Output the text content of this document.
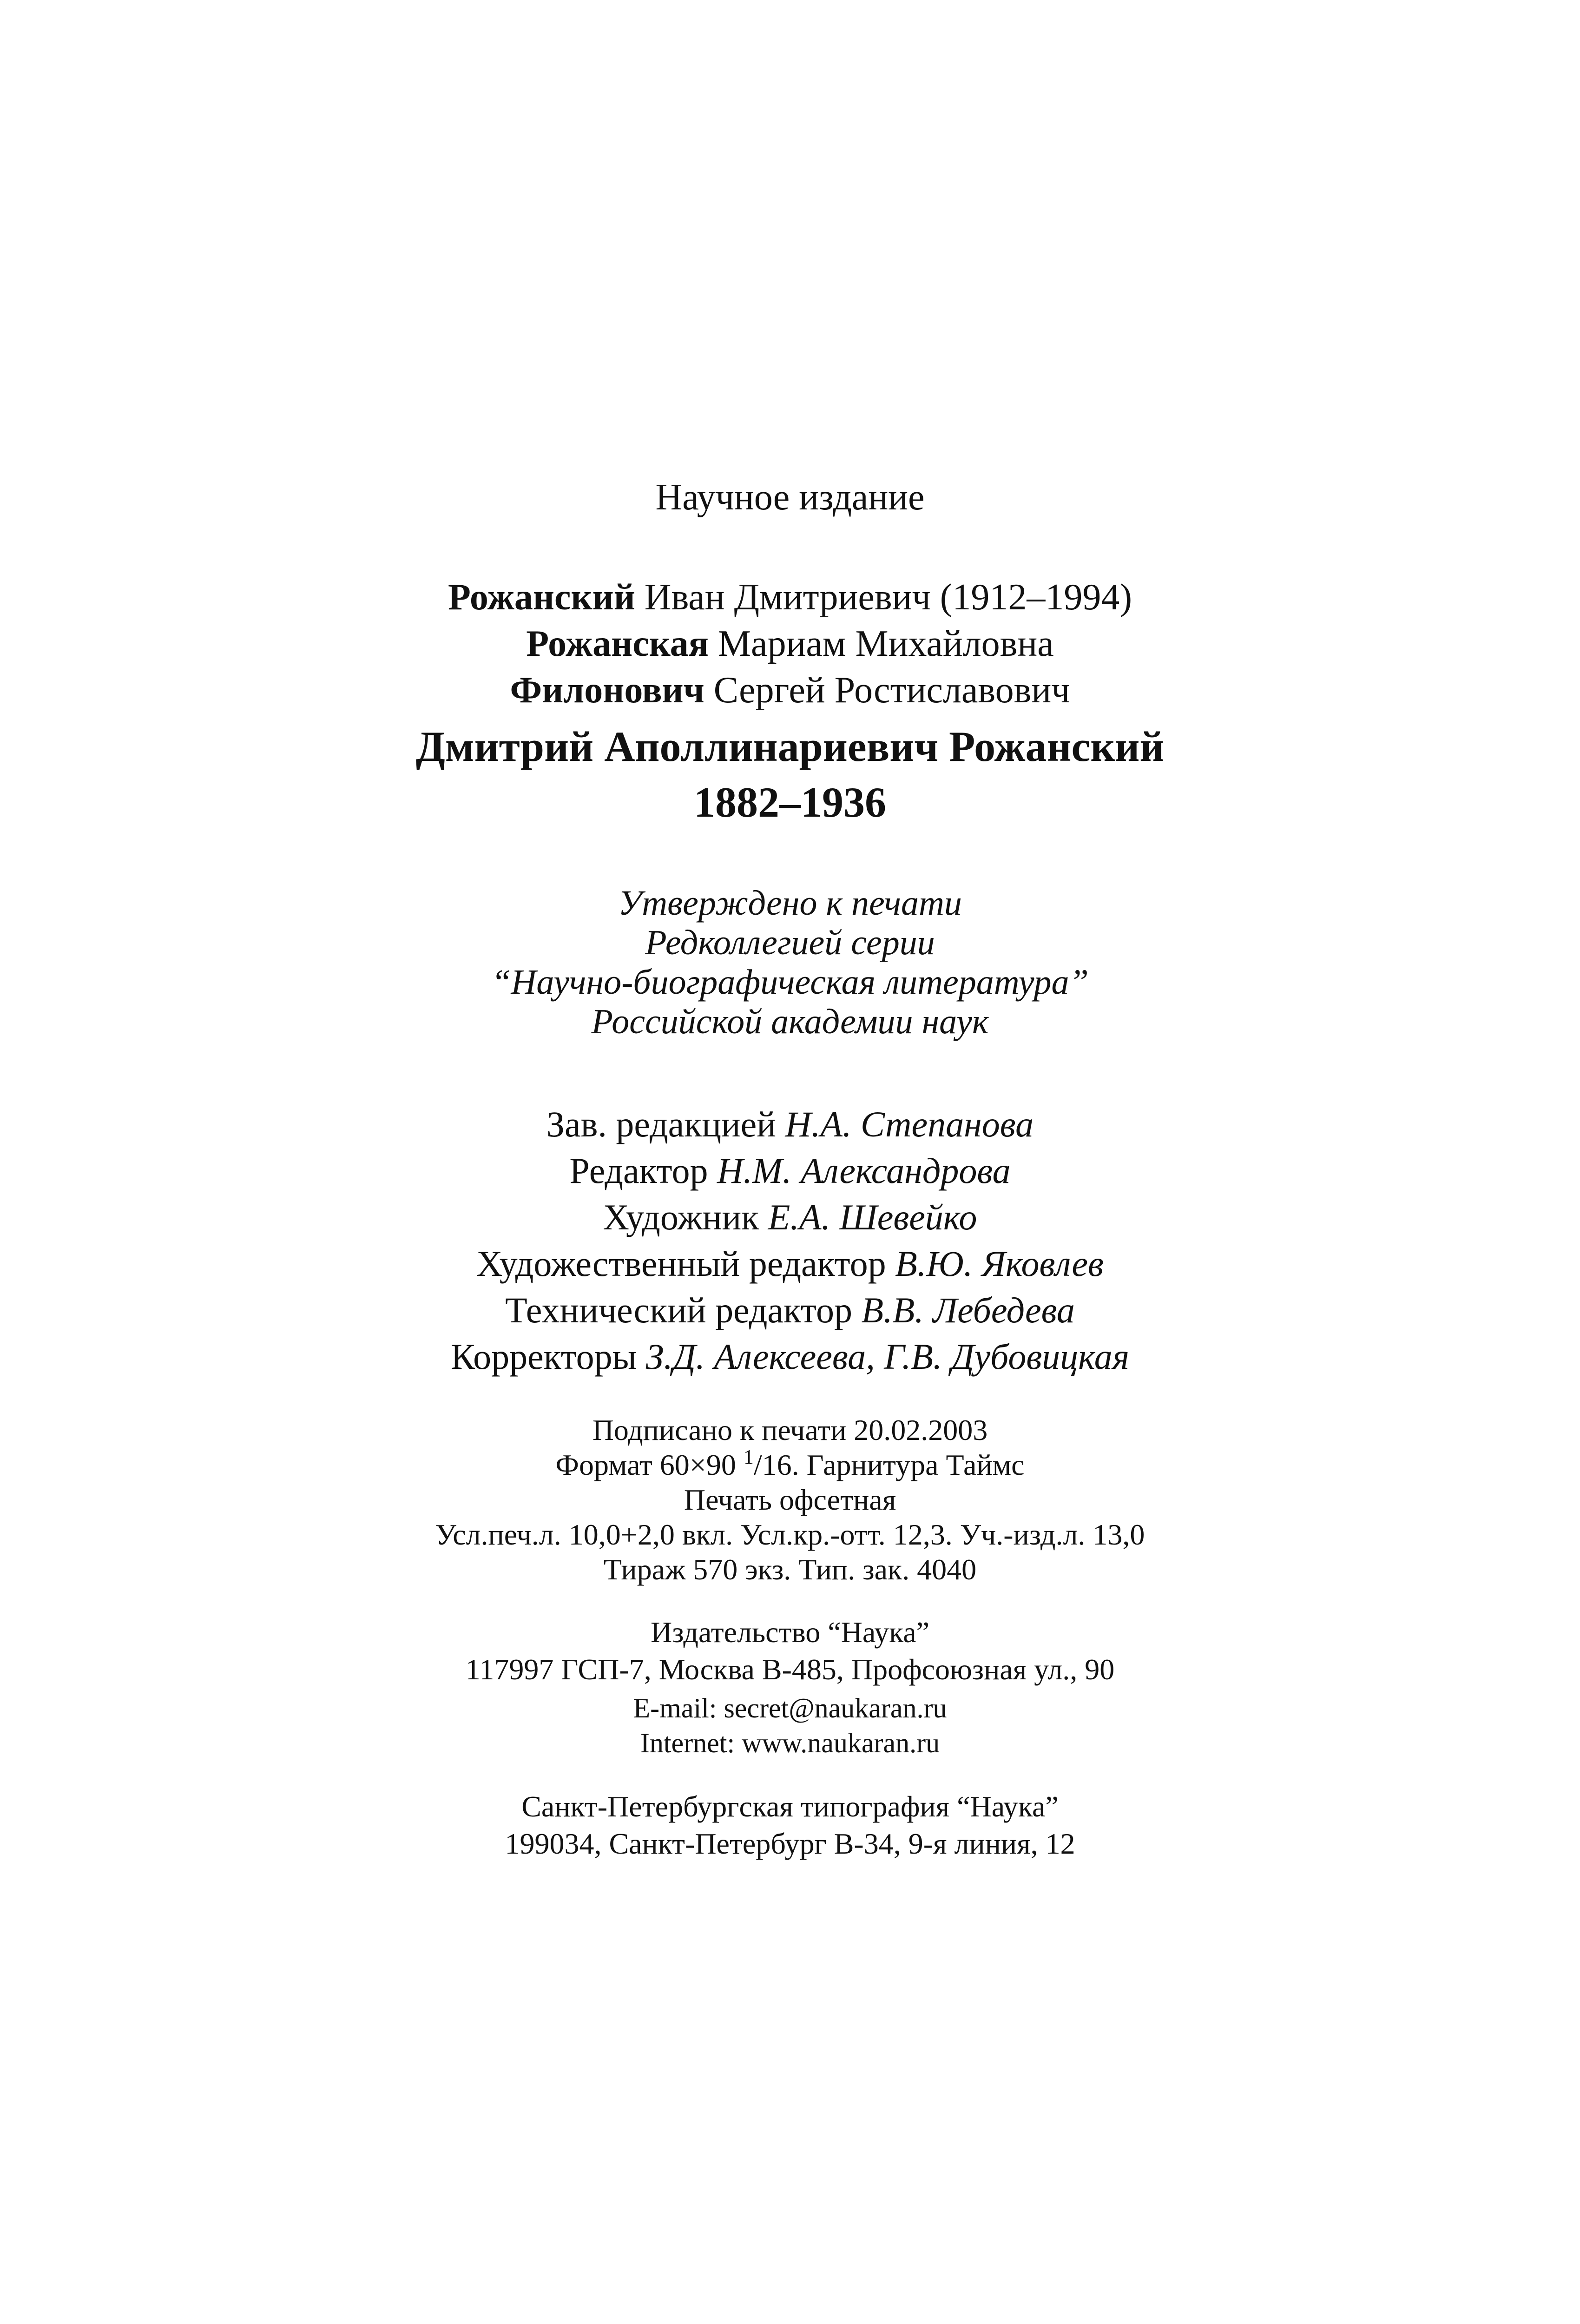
Научное издание
Рожанский Иван Дмитриевич (1912–1994)
Рожанская Мариам Михайловна
Филонович Сергей Ростиславович
Дмитрий Аполлинариевич Рожанский
1882–1936
Утверждено к печати
Редколлегией серии
“Научно-биографическая литература”
Российской академии наук
Зав. редакцией Н.А. Степанова
Редактор Н.М. Александрова
Художник Е.А. Шевейко
Художественный редактор В.Ю. Яковлев
Технический редактор В.В. Лебедева
Корректоры З.Д. Алексеева, Г.В. Дубовицкая
Подписано к печати 20.02.2003
Формат 60×90 $^1$/16. Гарнитура Таймс
Печать офсетная
Усл.печ.л. 10,0+2,0 вкл. Усл.кр.-отт. 12,3. Уч.-изд.л. 13,0
Тираж 570 экз. Тип. зак. 4040
Издательство “Наука”
117997 ГСП-7, Москва В-485, Профсоюзная ул., 90
E-mail: secret@naukaran.ru
Internet: www.naukaran.ru
Санкт-Петербургская типография “Наука”
199034, Санкт-Петербург В-34, 9-я линия, 12
